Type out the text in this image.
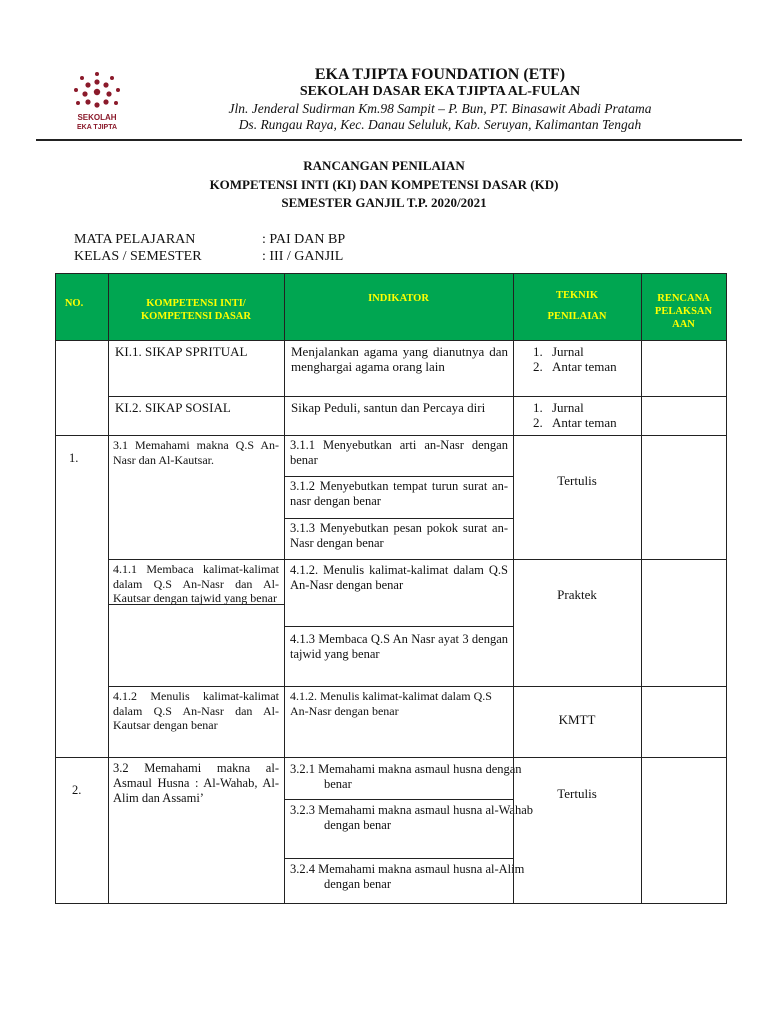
SEKOLAH
EKA TJIPTA
EKA TJIPTA FOUNDATION (ETF)
SEKOLAH DASAR EKA TJIPTA AL-FULAN
Jln. Jenderal Sudirman Km.98 Sampit – P. Bun, PT. Binasawit Abadi Pratama
Ds. Rungau Raya, Kec. Danau Seluluk, Kab. Seruyan, Kalimantan Tengah
RANCANGAN PENILAIAN
KOMPETENSI INTI (KI) DAN KOMPETENSI DASAR (KD)
SEMESTER GANJIL T.P. 2020/2021
MATA PELAJARAN	: PAI DAN BP
KELAS / SEMESTER	: III / GANJIL
NO.	KOMPETENSI INTI/
KOMPETENSI DASAR
INDIKATOR	TEKNIK
PENILAIAN
RENCANA
PELAKSAN
AAN
KI.1. SIKAP SPRITUAL	Menjalankan agama yang dianutnya dan menghargai agama orang lain
1. Jurnal
2. Antar teman
KI.2. SIKAP SOSIAL	Sikap Peduli, santun dan Percaya diri
1.	Jurnal
2. Antar teman
1.
3.1 Memahami makna Q.S An-Nasr dan Al-Kautsar.
3.1.1 Menyebutkan arti an-Nasr dengan benar
3.1.2 Menyebutkan tempat turun surat an-nasr dengan benar
3.1.3 Menyebutkan pesan pokok surat an-Nasr dengan benar
Tertulis
4.1.1 Membaca kalimat-kalimat dalam Q.S An-Nasr dan Al-Kautsar dengan tajwid yang benar
4.1.2. Menulis kalimat-kalimat dalam Q.S An-Nasr dengan benar
4.1.3 Membaca Q.S An Nasr ayat 3 dengan tajwid yang benar
Praktek
4.1.2 Menulis kalimat-kalimat dalam Q.S An-Nasr dan Al-Kautsar dengan benar
4.1.2. Menulis kalimat-kalimat dalam Q.S An-Nasr dengan benar
KMTT
2.
3.2 Memahami makna al-Asmaul Husna : Al-Wahab, Al-Alim dan Assami’
3.2.1 Memahami makna asmaul husna dengan benar
3.2.3 Memahami makna asmaul husna al-Wahab dengan benar
3.2.4 Memahami makna asmaul husna al-Alim dengan benar
Tertulis
